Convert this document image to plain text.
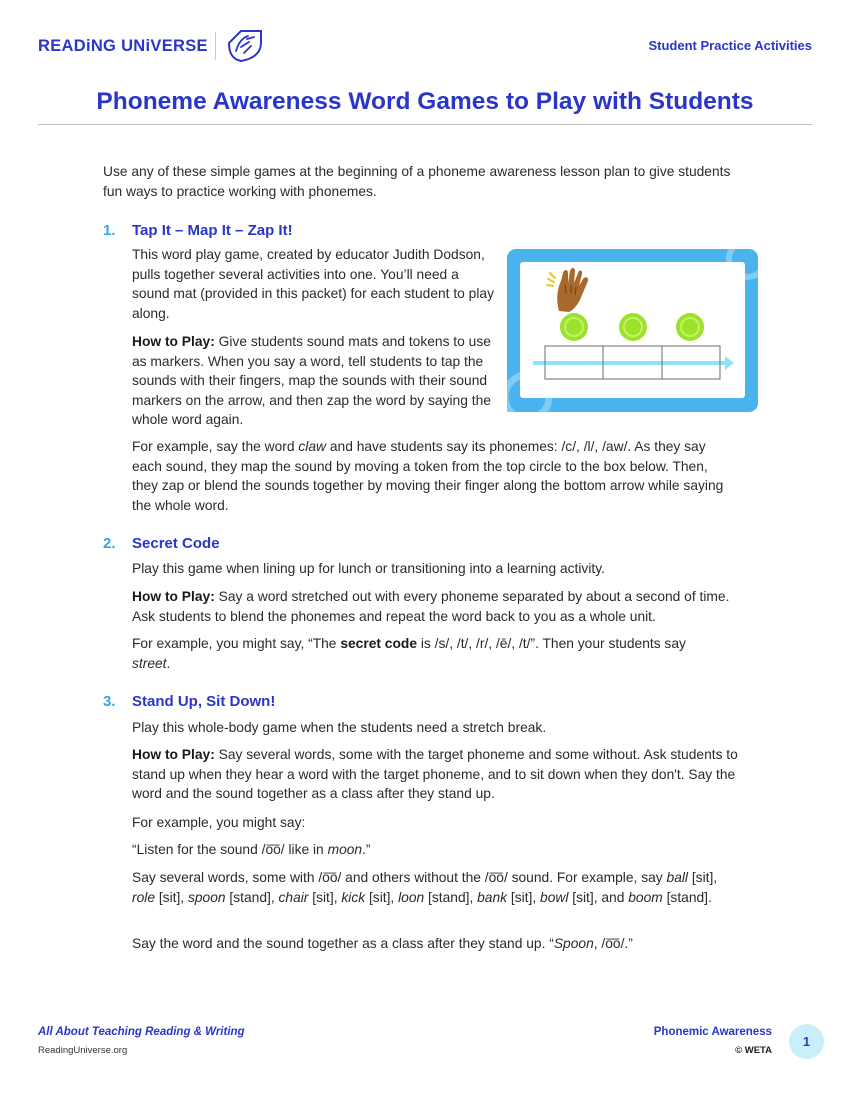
READiNG UNiVERSE	Student Practice Activities
Phoneme Awareness Word Games to Play with Students
Use any of these simple games at the beginning of a phoneme awareness lesson plan to give students fun ways to practice working with phonemes.
1. Tap It – Map It – Zap It!
This word play game, created by educator Judith Dodson, pulls together several activities into one. You’ll need a sound mat (provided in this packet) for each student to play along.
How to Play: Give students sound mats and tokens to use as markers. When you say a word, tell students to tap the sounds with their fingers, map the sounds with their sound markers on the arrow, and then zap the word by saying the whole word again.
For example, say the word claw and have students say its phonemes: /c/, /l/, /aw/. As they say each sound, they map the sound by moving a token from the top circle to the box below. Then, they zap or blend the sounds together by moving their finger along the bottom arrow while saying the whole word.
2. Secret Code
Play this game when lining up for lunch or transitioning into a learning activity.
How to Play: Say a word stretched out with every phoneme separated by about a second of time. Ask students to blend the phonemes and repeat the word back to you as a whole unit.
For example, you might say, “The secret code is /s/, /t/, /r/, /ē/, /t/”. Then your students say street.
3. Stand Up, Sit Down!
Play this whole-body game when the students need a stretch break.
How to Play: Say several words, some with the target phoneme and some without. Ask students to stand up when they hear a word with the target phoneme, and to sit down when they don't. Say the word and the sound together as a class after they stand up.
For example, you might say:
“Listen for the sound /o͞o/ like in moon.”
Say several words, some with /o͞o/ and others without the /o͞o/ sound. For example, say ball [sit], role [sit], spoon [stand], chair [sit], kick [sit], loon [stand], bank [sit], bowl [sit], and boom [stand].
Say the word and the sound together as a class after they stand up. “Spoon, /o͞o/.”
All About Teaching Reading & Writing
ReadingUniverse.org
Phonemic Awareness
© WETA
1
